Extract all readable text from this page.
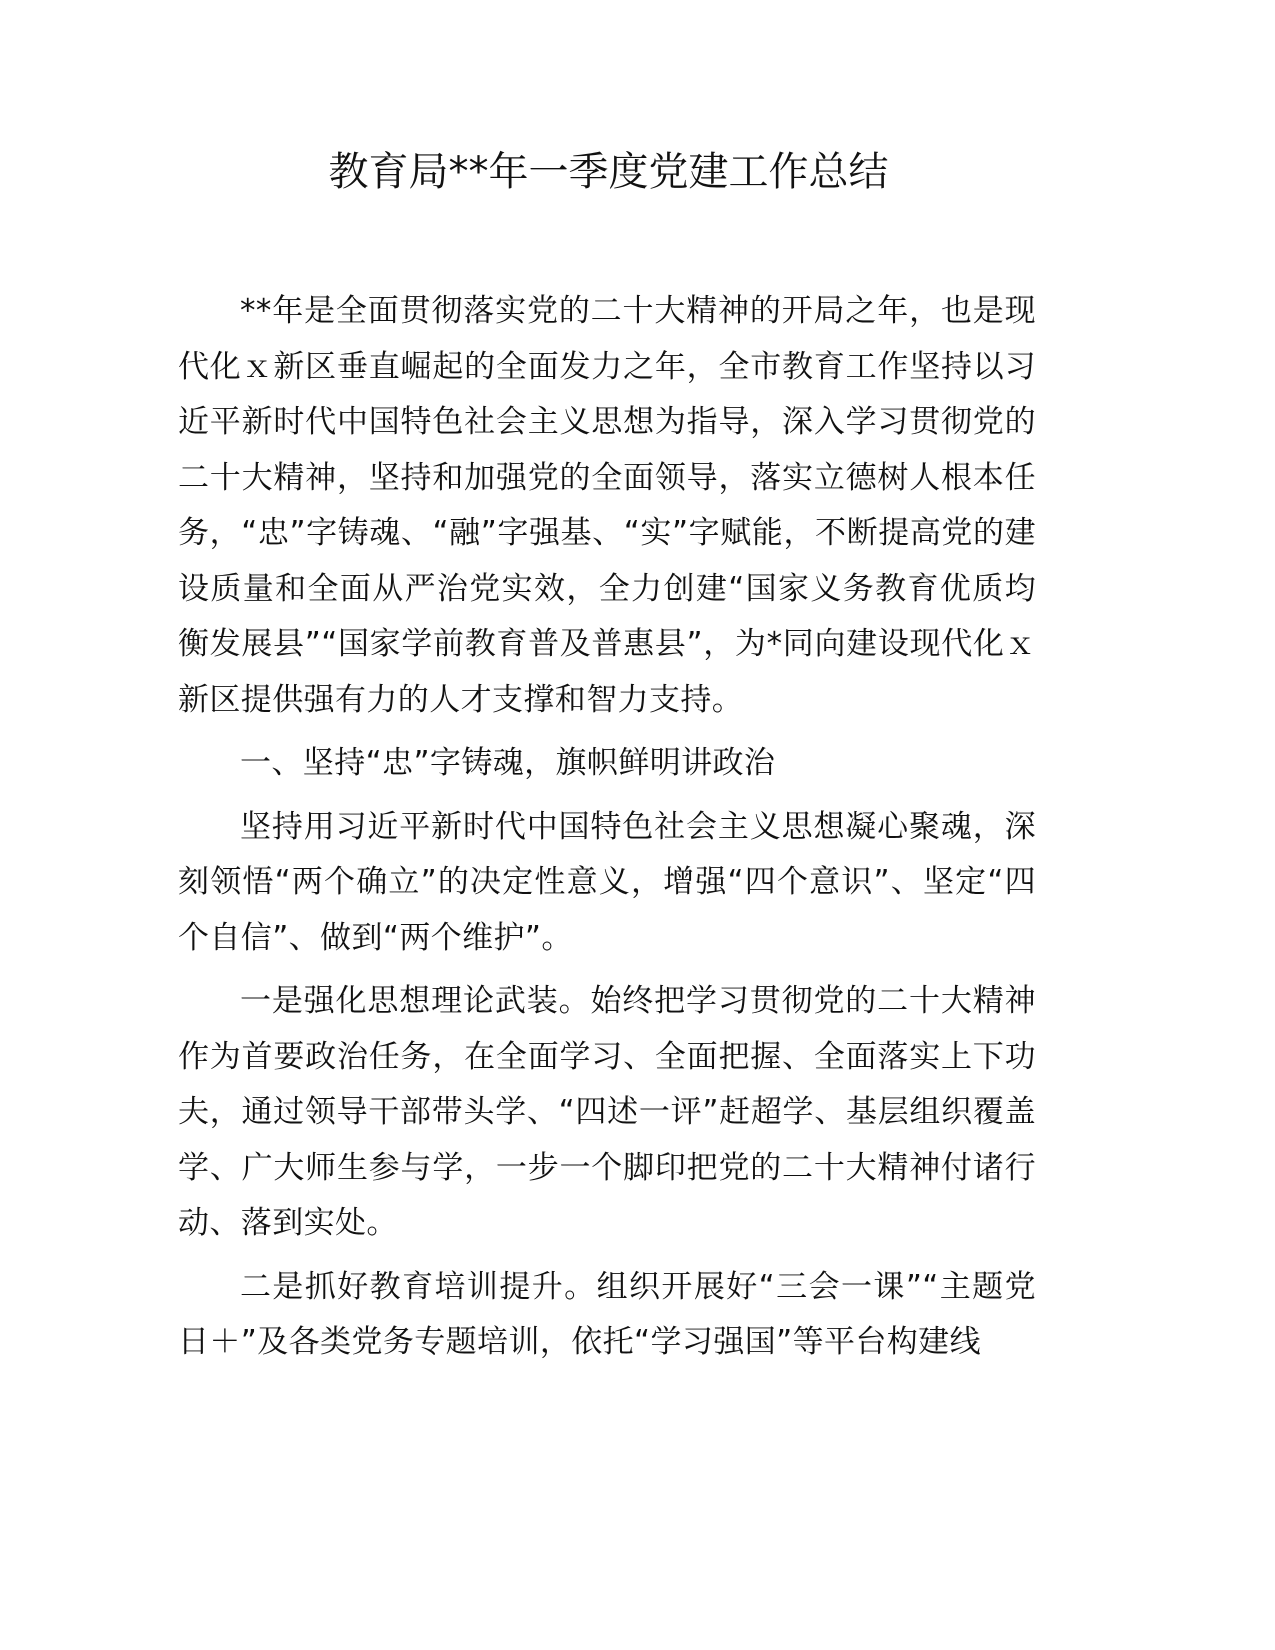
教育局**年一季度党建工作总结

**年是全面贯彻落实党的二十大精神的开局之年，也是现代化ｘ新区垂直崛起的全面发力之年，全市教育工作坚持以习近平新时代中国特色社会主义思想为指导，深入学习贯彻党的二十大精神，坚持和加强党的全面领导，落实立德树人根本任务，“忠”字铸魂、“融”字强基、“实”字赋能，不断提高党的建设质量和全面从严治党实效，全力创建“国家义务教育优质均衡发展县”“国家学前教育普及普惠县”，为*同向建设现代化ｘ新区提供强有力的人才支撑和智力支持。

一、坚持“忠”字铸魂，旗帜鲜明讲政治

坚持用习近平新时代中国特色社会主义思想凝心聚魂，深刻领悟“两个确立”的决定性意义，增强“四个意识”、坚定“四个自信”、做到“两个维护”。

一是强化思想理论武装。始终把学习贯彻党的二十大精神作为首要政治任务，在全面学习、全面把握、全面落实上下功夫，通过领导干部带头学、“四述一评”赶超学、基层组织覆盖学、广大师生参与学，一步一个脚印把党的二十大精神付诸行动、落到实处。

二是抓好教育培训提升。组织开展好“三会一课”“主题党日＋”及各类党务专题培训，依托“学习强国”等平台构建线
